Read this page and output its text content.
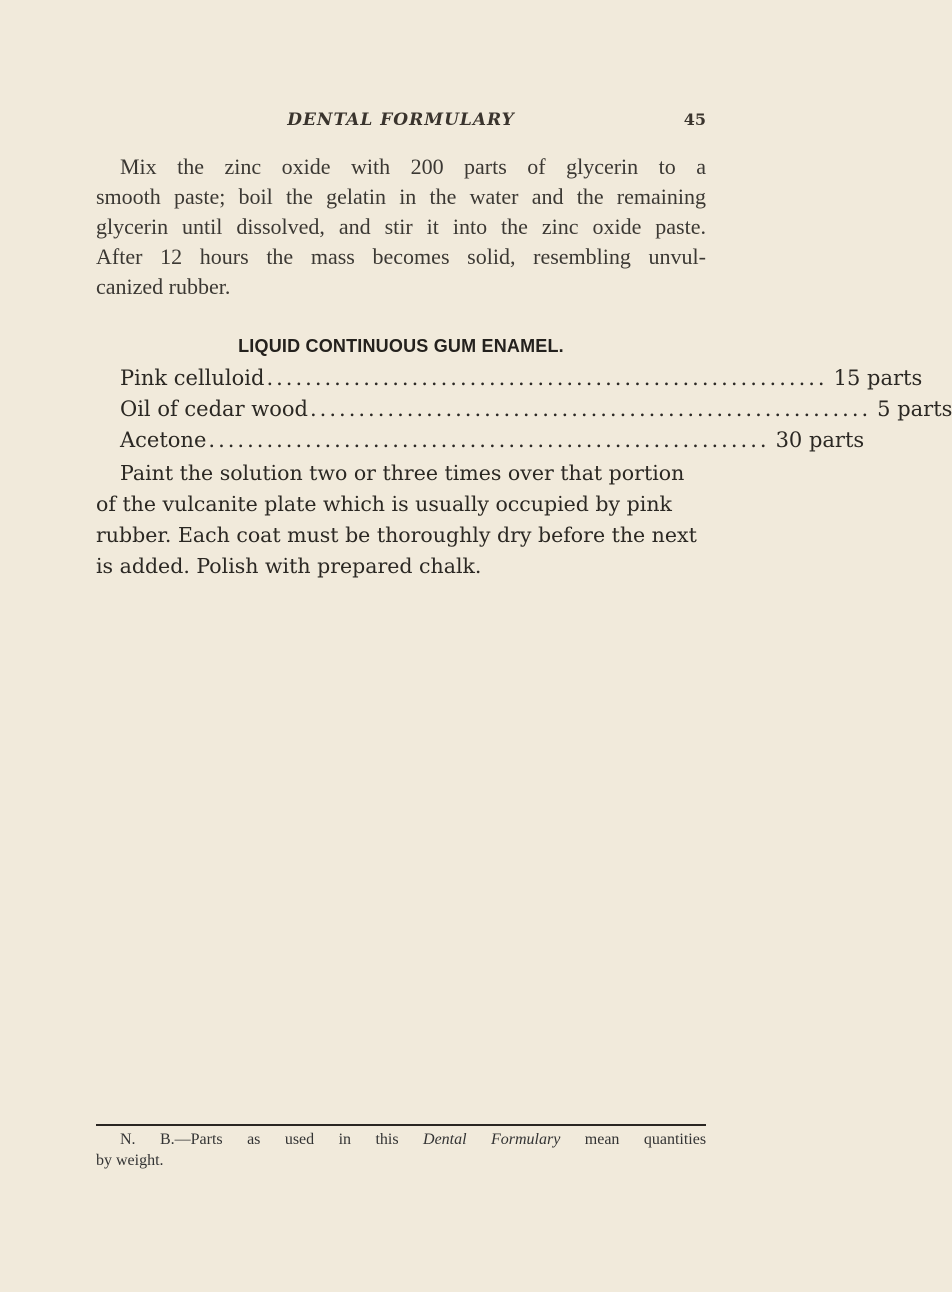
DENTAL FORMULARY	45
Mix the zinc oxide with 200 parts of glycerin to a
smooth paste; boil the gelatin in the water and the remaining
glycerin until dissolved, and stir it into the zinc oxide paste.
After 12 hours the mass becomes solid, resembling unvul-
canized rubber.
LIQUID CONTINUOUS GUM ENAMEL.
Pink celluloid .......................................................... 15 parts
Oil of cedar wood .......................................................... 5 parts
Acetone .......................................................... 30 parts
Paint the solution two or three times over that portion
of the vulcanite plate which is usually occupied by pink
rubber. Each coat must be thoroughly dry before the next
is added. Polish with prepared chalk.
N. B.—Parts as used in this Dental Formulary mean quantities
by weight.
